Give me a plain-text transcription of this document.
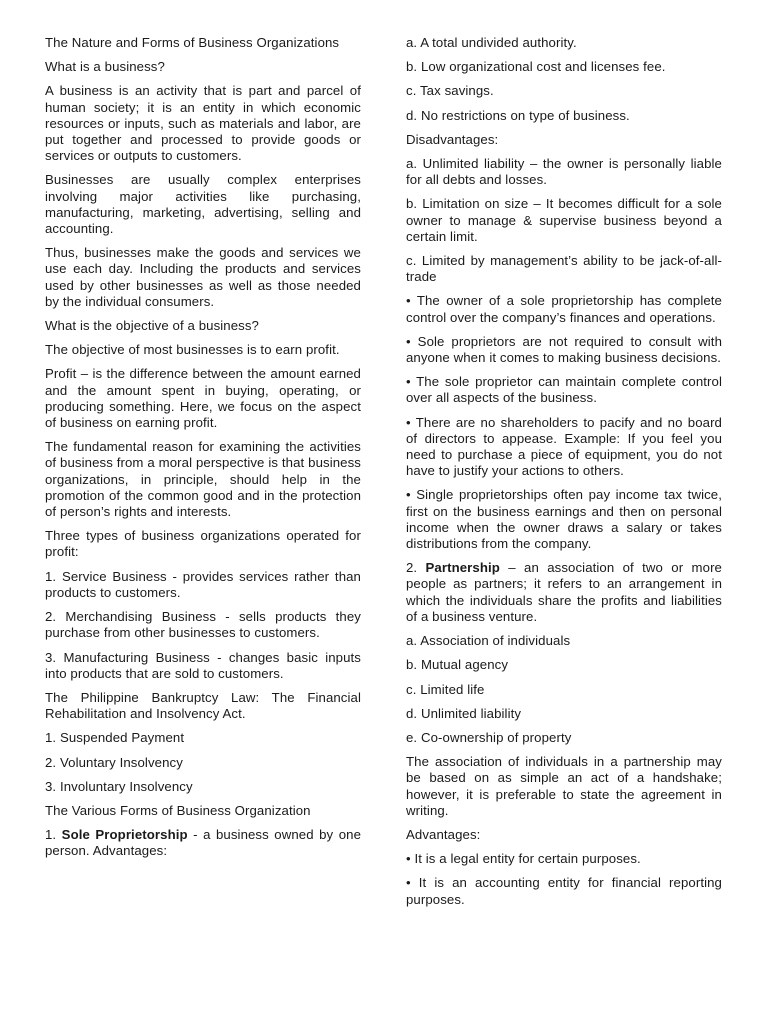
The Nature and Forms of Business Organizations

What is a business?

A business is an activity that is part and parcel of human society; it is an entity in which economic resources or inputs, such as materials and labor, are put together and processed to provide goods or services or outputs to customers.

Businesses are usually complex enterprises involving major activities like purchasing, manufacturing, marketing, advertising, selling and accounting.

Thus, businesses make the goods and services we use each day. Including the products and services used by other businesses as well as those needed by the individual consumers.

What is the objective of a business?

The objective of most businesses is to earn profit.

Profit – is the difference between the amount earned and the amount spent in buying, operating, or producing something. Here, we focus on the aspect of business on earning profit.

The fundamental reason for examining the activities of business from a moral perspective is that business organizations, in principle, should help in the promotion of the common good and in the protection of person’s rights and interests.

Three types of business organizations operated for profit:

1. Service Business - provides services rather than products to customers.

2. Merchandising Business - sells products they purchase from other businesses to customers.

3. Manufacturing Business - changes basic inputs into products that are sold to customers.

The Philippine Bankruptcy Law: The Financial Rehabilitation and Insolvency Act.

1. Suspended Payment

2. Voluntary Insolvency

3. Involuntary Insolvency

The Various Forms of Business Organization

1. Sole Proprietorship - a business owned by one person. Advantages:

a. A total undivided authority.

b. Low organizational cost and licenses fee.

c. Tax savings.

d. No restrictions on type of business.

Disadvantages:

a. Unlimited liability – the owner is personally liable for all debts and losses.

b. Limitation on size – It becomes difficult for a sole owner to manage & supervise business beyond a certain limit.

c. Limited by management’s ability to be jack-of-all-trade

• The owner of a sole proprietorship has complete control over the company’s finances and operations.

• Sole proprietors are not required to consult with anyone when it comes to making business decisions.

• The sole proprietor can maintain complete control over all aspects of the business.

• There are no shareholders to pacify and no board of directors to appease. Example: If you feel you need to purchase a piece of equipment, you do not have to justify your actions to others.

• Single proprietorships often pay income tax twice, first on the business earnings and then on personal income when the owner draws a salary or takes distributions from the company.

2. Partnership – an association of two or more people as partners; it refers to an arrangement in which the individuals share the profits and liabilities of a business venture.

a. Association of individuals

b. Mutual agency

c. Limited life

d. Unlimited liability

e. Co-ownership of property

The association of individuals in a partnership may be based on as simple an act of a handshake; however, it is preferable to state the agreement in writing.

Advantages:

• It is a legal entity for certain purposes.

• It is an accounting entity for financial reporting purposes.
